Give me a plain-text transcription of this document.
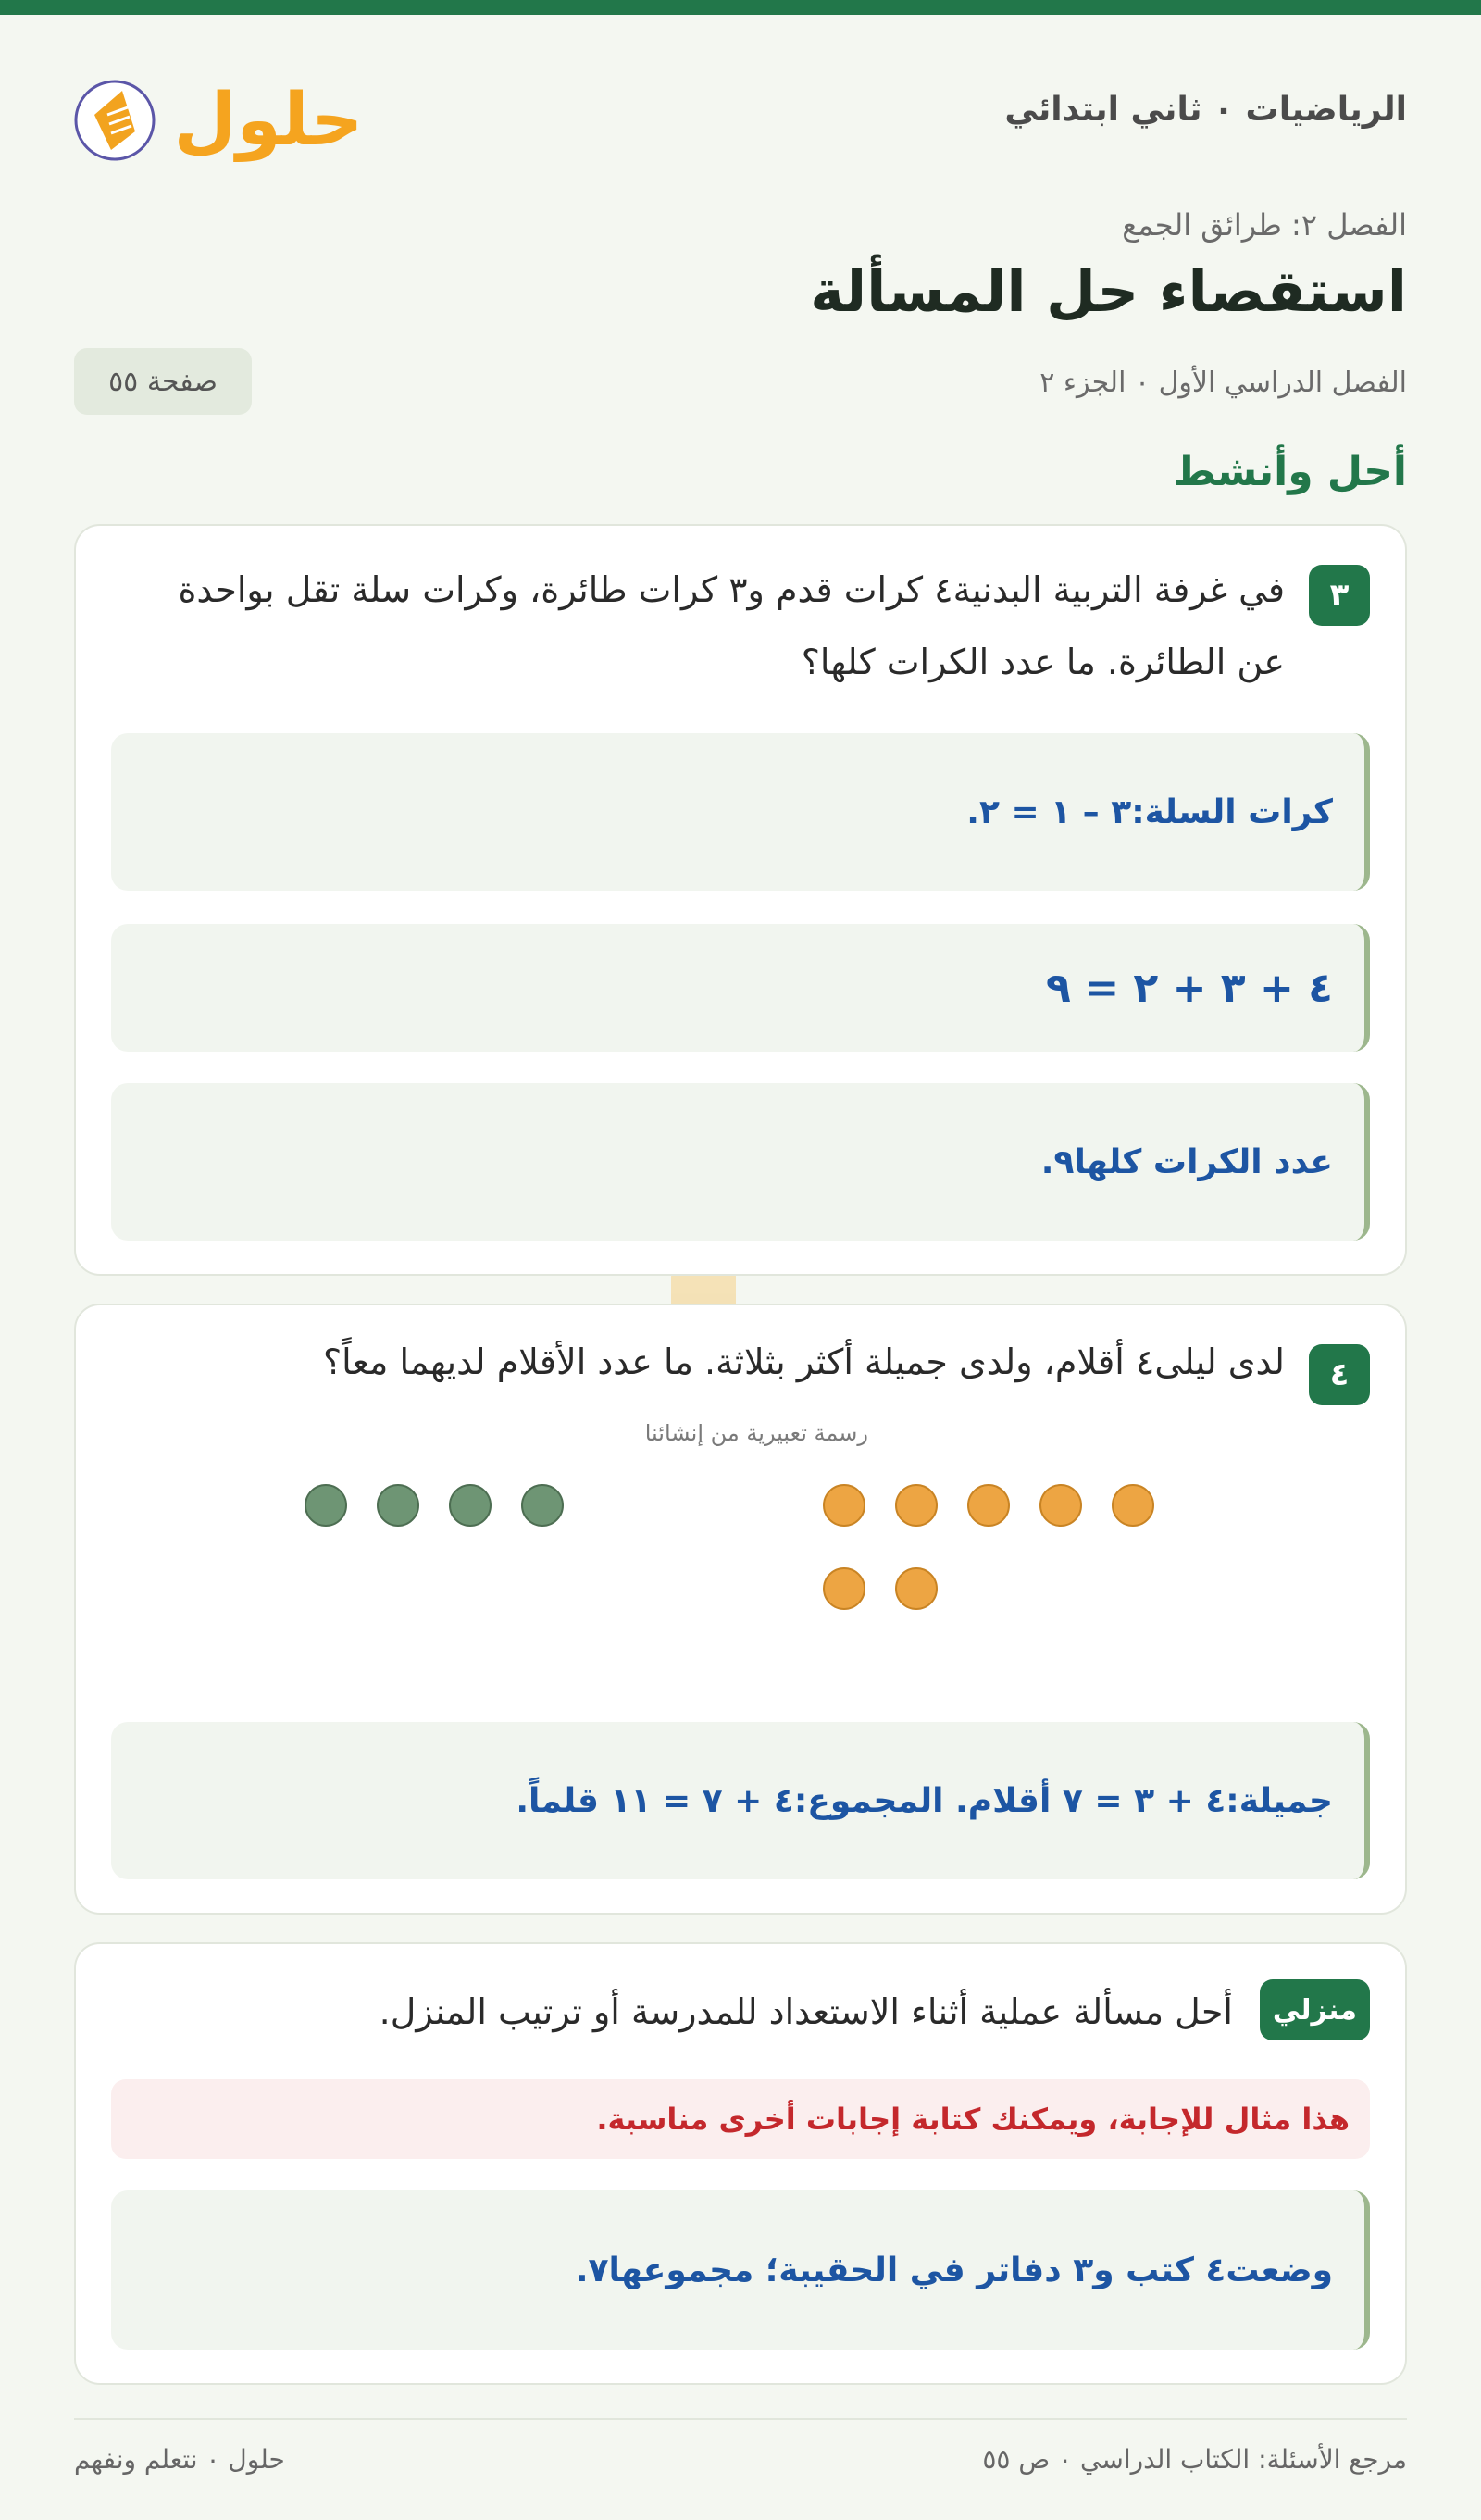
الرياضيات ٠ ثاني ابتدائي
حلول
الفصل ٢: طرائق الجمع
استقصاء حل المسألة
الفصل الدراسي الأول ٠ الجزء ٢
صفحة ٥٥
أحل وأنشط
٣
في غرفة التربية البدنية٤ كرات قدم و٣ كرات طائرة، وكرات سلة تقل بواحدة عن الطائرة. ما عدد الكرات كلها؟
كرات السلة:٣ – ١ = ٢.
٤ + ٣ + ٢ = ٩
عدد الكرات كلها٩.
٤
لدى ليلى٤ أقلام، ولدى جميلة أكثر بثلاثة. ما عدد الأقلام لديهما معاً؟
رسمة تعبيرية من إنشائنا
جميلة:٤ + ٣ = ٧ أقلام. المجموع:٤ + ٧ = ١١ قلماً.
منزلي
أحل مسألة عملية أثناء الاستعداد للمدرسة أو ترتيب المنزل.
هذا مثال للإجابة، ويمكنك كتابة إجابات أخرى مناسبة.
وضعت٤ كتب و٣ دفاتر في الحقيبة؛ مجموعها٧.
مرجع الأسئلة: الكتاب الدراسي ٠ ص ٥٥
حلول ٠ نتعلم ونفهم
